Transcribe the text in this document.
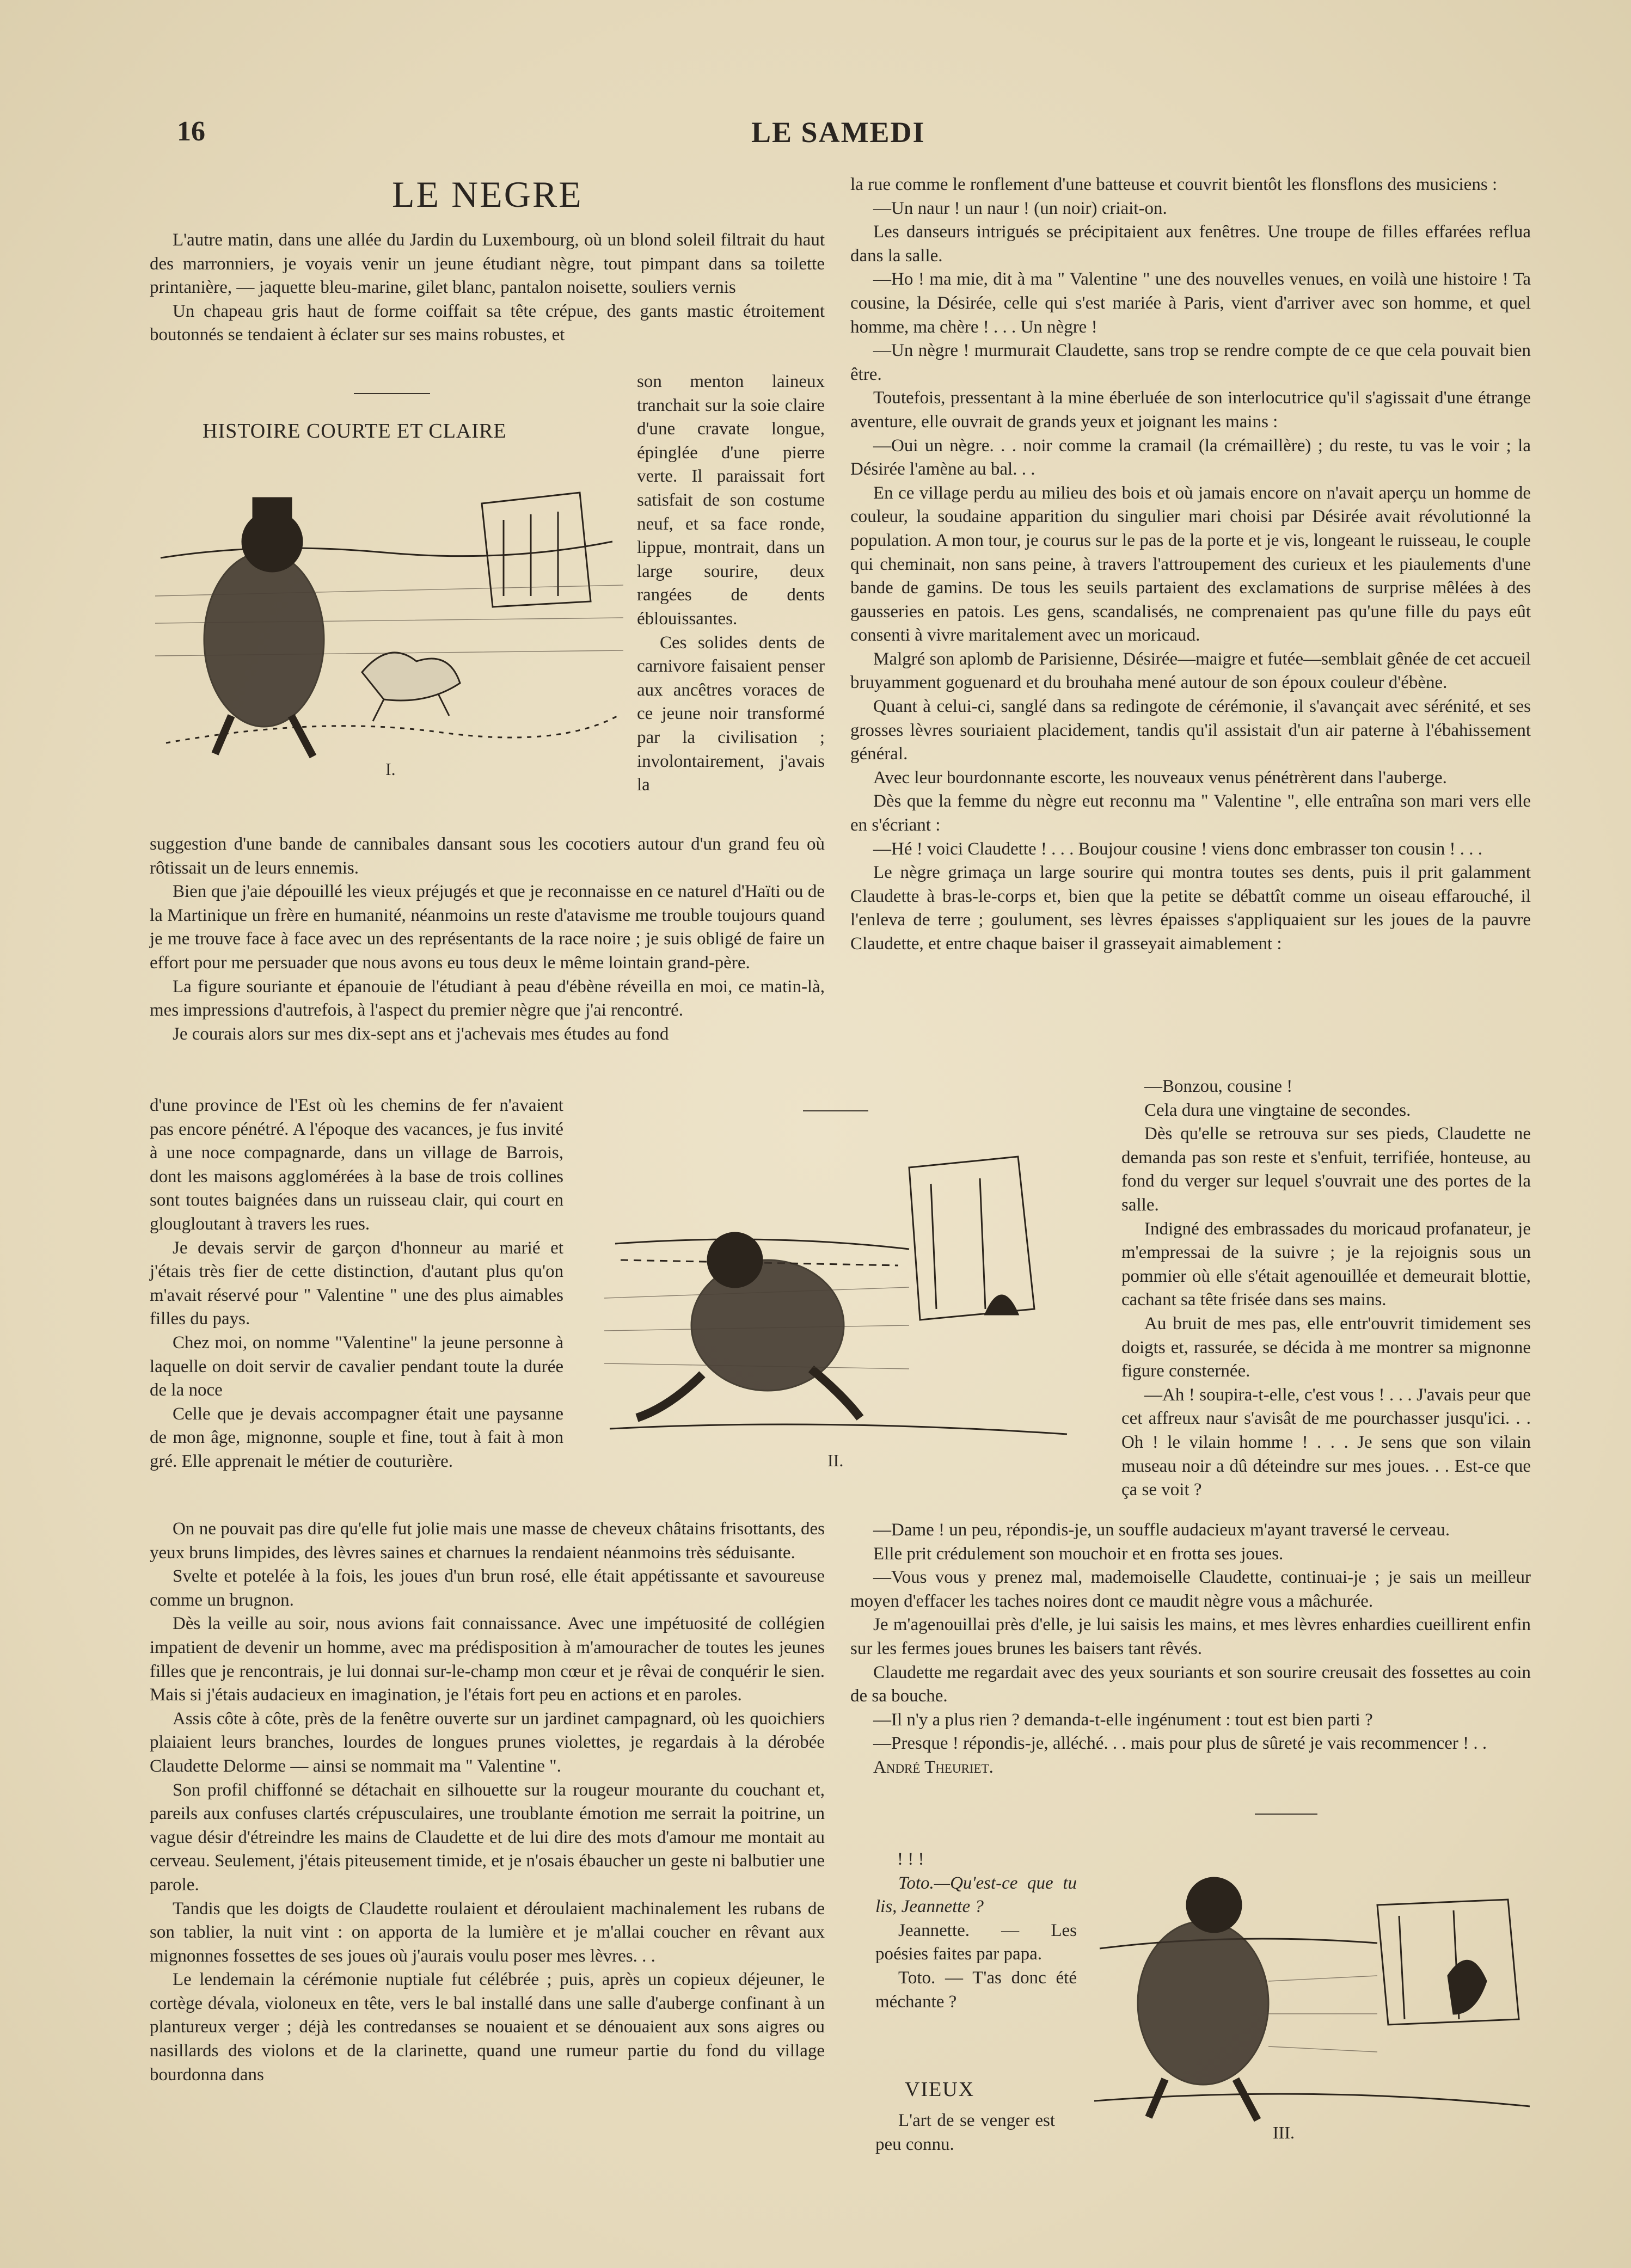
16	LE SAMEDI
LE NEGRE

L'autre matin, dans une allée du Jardin du Luxembourg, où un blond soleil filtrait du haut des marronniers, je voyais venir un jeune étudiant nègre, tout pimpant dans sa toilette printanière, — jaquette bleu-marine, gilet blanc, pantalon noisette, souliers vernis

Un chapeau gris haut de forme coiffait sa tête crépue, des gants mastic étroitement boutonnés se tendaient à éclater sur ses mains robustes, et

HISTOIRE COURTE ET CLAIRE
I.

son menton laineux tranchait sur la soie claire d'une cravate longue, épinglée d'une pierre verte. Il paraissait fort satisfait de son costume neuf, et sa face ronde, lippue, montrait, dans un large sourire, deux rangées de dents éblouissantes.

Ces solides dents de carnivore faisaient penser aux ancêtres voraces de ce jeune noir transformé par la civilisation ; involontairement, j'avais la

suggestion d'une bande de cannibales dansant sous les cocotiers autour d'un grand feu où rôtissait un de leurs ennemis.

Bien que j'aie dépouillé les vieux préjugés et que je reconnaisse en ce naturel d'Haïti ou de la Martinique un frère en humanité, néanmoins un reste d'atavisme me trouble toujours quand je me trouve face à face avec un des représentants de la race noire ; je suis obligé de faire un effort pour me persuader que nous avons eu tous deux le même lointain grand-père.

La figure souriante et épanouie de l'étudiant à peau d'ébène réveilla en moi, ce matin-là, mes impressions d'autrefois, à l'aspect du premier nègre que j'ai rencontré.

Je courais alors sur mes dix-sept ans et j'achevais mes études au fond

d'une province de l'Est où les chemins de fer n'avaient pas encore pénétré. A l'époque des vacances, je fus invité à une noce compagnarde, dans un village de Barrois, dont les maisons agglomérées à la base de trois collines sont toutes baignées dans un ruisseau clair, qui court en glougloutant à travers les rues.

Je devais servir de garçon d'honneur au marié et j'étais très fier de cette distinction, d'autant plus qu'on m'avait réservé pour " Valentine " une des plus aimables filles du pays.

Chez moi, on nomme "Valentine" la jeune personne à laquelle on doit servir de cavalier pendant toute la durée de la noce

Celle que je devais accompagner était une paysanne de mon âge, mignonne, souple et fine, tout à fait à mon gré. Elle apprenait le métier de couturière.

On ne pouvait pas dire qu'elle fut jolie mais une masse de cheveux châtains frisottants, des yeux bruns limpides, des lèvres saines et charnues la rendaient néanmoins très séduisante.

Svelte et potelée à la fois, les joues d'un brun rosé, elle était appétissante et savoureuse comme un brugnon.

Dès la veille au soir, nous avions fait connaissance. Avec une impétuosité de collégien impatient de devenir un homme, avec ma prédisposition à m'amouracher de toutes les jeunes filles que je rencontrais, je lui donnai sur-le-champ mon cœur et je rêvai de conquérir le sien. Mais si j'étais audacieux en imagination, je l'étais fort peu en actions et en paroles.

Assis côte à côte, près de la fenêtre ouverte sur un jardinet campagnard, où les quoichiers plaiaient leurs branches, lourdes de longues prunes violettes, je regardais à la dérobée Claudette Delorme — ainsi se nommait ma " Valentine ".

Son profil chiffonné se détachait en silhouette sur la rougeur mourante du couchant et, pareils aux confuses clartés crépusculaires, une troublante émotion me serrait la poitrine, un vague désir d'étreindre les mains de Claudette et de lui dire des mots d'amour me montait au cerveau. Seulement, j'étais piteusement timide, et je n'osais ébaucher un geste ni balbutier une parole.

Tandis que les doigts de Claudette roulaient et déroulaient machinalement les rubans de son tablier, la nuit vint : on apporta de la lumière et je m'allai coucher en rêvant aux mignonnes fossettes de ses joues où j'aurais voulu poser mes lèvres. . .

Le lendemain la cérémonie nuptiale fut célébrée ; puis, après un copieux déjeuner, le cortège dévala, violoneux en tête, vers le bal installé dans une salle d'auberge confinant à un plantureux verger ; déjà les contredanses se nouaient et se dénouaient aux sons aigres ou nasillards des violons et de la clarinette, quand une rumeur partie du fond du village bourdonna dans

la rue comme le ronflement d'une batteuse et couvrit bientôt les flonsflons des musiciens :

—Un naur ! un naur ! (un noir) criait-on.

Les danseurs intrigués se précipitaient aux fenêtres. Une troupe de filles effarées reflua dans la salle.

—Ho ! ma mie, dit à ma " Valentine " une des nouvelles venues, en voilà une histoire ! Ta cousine, la Désirée, celle qui s'est mariée à Paris, vient d'arriver avec son homme, et quel homme, ma chère ! . . . Un nègre !

—Un nègre ! murmurait Claudette, sans trop se rendre compte de ce que cela pouvait bien être.

Toutefois, pressentant à la mine éberluée de son interlocutrice qu'il s'agissait d'une étrange aventure, elle ouvrait de grands yeux et joignant les mains :

—Oui un nègre. . . noir comme la cramail (la crémaillère) ; du reste, tu vas le voir ; la Désirée l'amène au bal. . .

En ce village perdu au milieu des bois et où jamais encore on n'avait aperçu un homme de couleur, la soudaine apparition du singulier mari choisi par Désirée avait révolutionné la population. A mon tour, je courus sur le pas de la porte et je vis, longeant le ruisseau, le couple qui cheminait, non sans peine, à travers l'attroupement des curieux et les piaulements d'une bande de gamins. De tous les seuils partaient des exclamations de surprise mêlées à des gausseries en patois. Les gens, scandalisés, ne comprenaient pas qu'une fille du pays eût consenti à vivre maritalement avec un moricaud.

Malgré son aplomb de Parisienne, Désirée—maigre et futée—semblait gênée de cet accueil bruyamment goguenard et du brouhaha mené autour de son époux couleur d'ébène.

Quant à celui-ci, sanglé dans sa redingote de cérémonie, il s'avançait avec sérénité, et ses grosses lèvres souriaient placidement, tandis qu'il assistait d'un air paterne à l'ébahissement général.

Avec leur bourdonnante escorte, les nouveaux venus pénétrèrent dans l'auberge.

Dès que la femme du nègre eut reconnu ma " Valentine ", elle entraîna son mari vers elle en s'écriant :

—Hé ! voici Claudette ! . . . Boujour cousine ! viens donc embrasser ton cousin ! . . .

Le nègre grimaça un large sourire qui montra toutes ses dents, puis il prit galamment Claudette à bras-le-corps et, bien que la petite se débattît comme un oiseau effarouché, il l'enleva de terre ; goulument, ses lèvres épaisses s'appliquaient sur les joues de la pauvre Claudette, et entre chaque baiser il grasseyait aimablement :

II.

—Bonzou, cousine !

Cela dura une vingtaine de secondes.

Dès qu'elle se retrouva sur ses pieds, Claudette ne demanda pas son reste et s'enfuit, terrifiée, honteuse, au fond du verger sur lequel s'ouvrait une des portes de la salle.

Indigné des embrassades du moricaud profanateur, je m'empressai de la suivre ; je la rejoignis sous un pommier où elle s'était agenouillée et demeurait blottie, cachant sa tête frisée dans ses mains.

Au bruit de mes pas, elle entr'ouvrit timidement ses doigts et, rassurée, se décida à me montrer sa mignonne figure consternée.

—Ah ! soupira-t-elle, c'est vous ! . . . J'avais peur que cet affreux naur s'avisât de me pourchasser jusqu'ici. . . Oh ! le vilain homme ! . . . Je sens que son vilain museau noir a dû déteindre sur mes joues. . . Est-ce que ça se voit ?

—Dame ! un peu, répondis-je, un souffle audacieux m'ayant traversé le cerveau.

Elle prit crédulement son mouchoir et en frotta ses joues.

—Vous vous y prenez mal, mademoiselle Claudette, continuai-je ; je sais un meilleur moyen d'effacer les taches noires dont ce maudit nègre vous a mâchurée.

Je m'agenouillai près d'elle, je lui saisis les mains, et mes lèvres enhardies cueillirent enfin sur les fermes joues brunes les baisers tant rêvés.

Claudette me regardait avec des yeux souriants et son sourire creusait des fossettes au coin de sa bouche.

—Il n'y a plus rien ? demanda-t-elle ingénument : tout est bien parti ?

—Presque ! répondis-je, alléché. . . mais pour plus de sûreté je vais recommencer ! . .

André Theuriet.

! ! !

Toto.—Qu'est-ce que tu lis, Jeannette ?

Jeannette. — Les poésies faites par papa.

Toto. — T'as donc été méchante ?

VIEUX

L'art de se venger est peu connu.

III.
